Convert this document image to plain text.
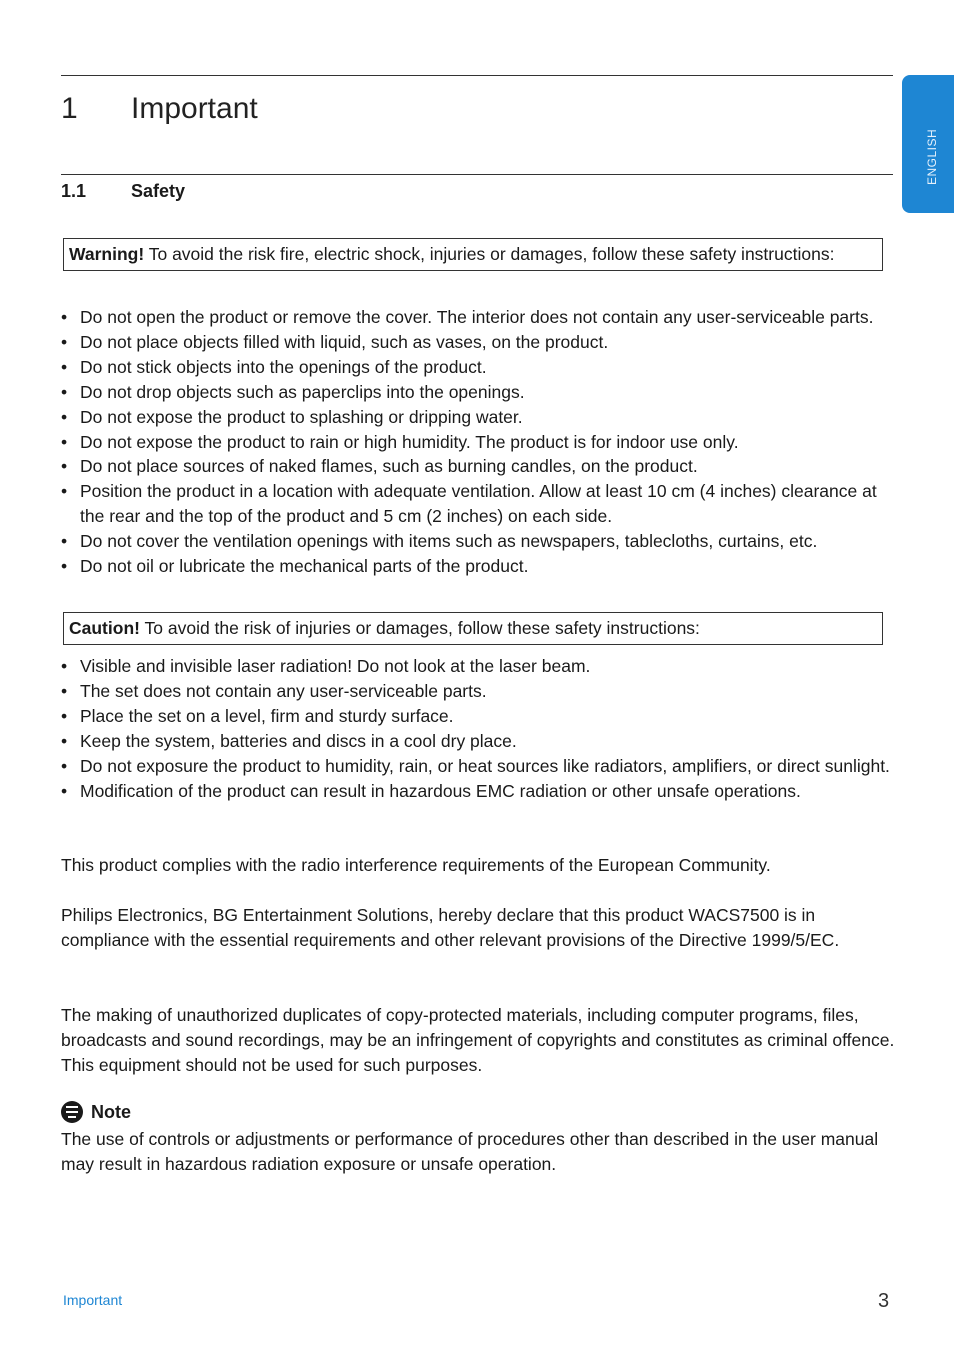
ENGLISH
1 Important
1.1 Safety
Warning! To avoid the risk fire, electric shock, injuries or damages, follow these safety instructions:
• Do not open the product or remove the cover. The interior does not contain any user-serviceable parts.
• Do not place objects filled with liquid, such as vases, on the product.
• Do not stick objects into the openings of the product.
• Do not drop objects such as paperclips into the openings.
• Do not expose the product to splashing or dripping water.
• Do not expose the product to rain or high humidity. The product is for indoor use only.
• Do not place sources of naked flames, such as burning candles, on the product.
• Position the product in a location with adequate ventilation. Allow at least 10 cm (4 inches) clearance at the rear and the top of the product and 5 cm (2 inches) on each side.
• Do not cover the ventilation openings with items such as newspapers, tablecloths, curtains, etc.
• Do not oil or lubricate the mechanical parts of the product.
Caution! To avoid the risk of injuries or damages, follow these safety instructions:
• Visible and invisible laser radiation! Do not look at the laser beam.
• The set does not contain any user-serviceable parts.
• Place the set on a level, firm and sturdy surface.
• Keep the system, batteries and discs in a cool dry place.
• Do not exposure the product to humidity, rain, or heat sources like radiators, amplifiers, or direct sunlight.
• Modification of the product can result in hazardous EMC radiation or other unsafe operations.

This product complies with the radio interference requirements of the European Community.

Philips Electronics, BG Entertainment Solutions, hereby declare that this product WACS7500 is in compliance with the essential requirements and other relevant provisions of the Directive 1999/5/EC.

The making of unauthorized duplicates of copy-protected materials, including computer programs, files, broadcasts and sound recordings, may be an infringement of copyrights and constitutes as criminal offence. This equipment should not be used for such purposes.

Note

The use of controls or adjustments or performance of procedures other than described in the user manual may result in hazardous radiation exposure or unsafe operation.

Important	3
